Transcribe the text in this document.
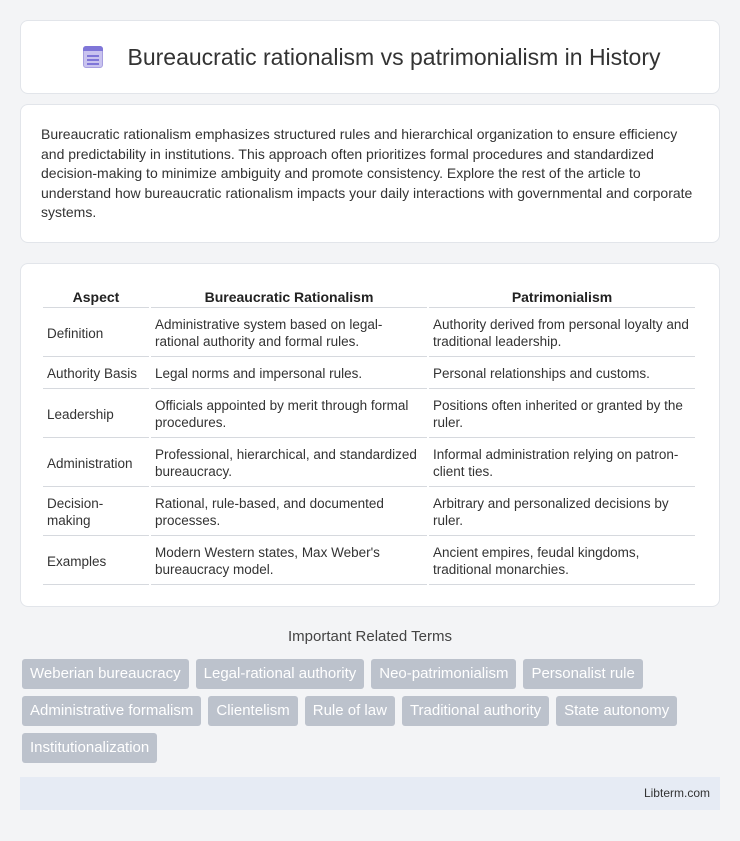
Bureaucratic rationalism vs patrimonialism in History

Bureaucratic rationalism emphasizes structured rules and hierarchical organization to ensure efficiency and predictability in institutions. This approach often prioritizes formal procedures and standardized decision-making to minimize ambiguity and promote consistency. Explore the rest of the article to understand how bureaucratic rationalism impacts your daily interactions with governmental and corporate systems.

Aspect	Bureaucratic Rationalism	Patrimonialism
Definition	Administrative system based on legal-rational authority and formal rules.	Authority derived from personal loyalty and traditional leadership.
Authority Basis	Legal norms and impersonal rules.	Personal relationships and customs.
Leadership	Officials appointed by merit through formal procedures.	Positions often inherited or granted by the ruler.
Administration	Professional, hierarchical, and standardized bureaucracy.	Informal administration relying on patron-client ties.
Decision-making	Rational, rule-based, and documented processes.	Arbitrary and personalized decisions by ruler.
Examples	Modern Western states, Max Weber's bureaucracy model.	Ancient empires, feudal kingdoms, traditional monarchies.
Important Related Terms
Weberian bureaucracy	Legal-rational authority	Neo-patrimonialism	Personalist rule
Administrative formalism	Clientelism	Rule of law	Traditional authority	State autonomy
Institutionalization
Libterm.com
